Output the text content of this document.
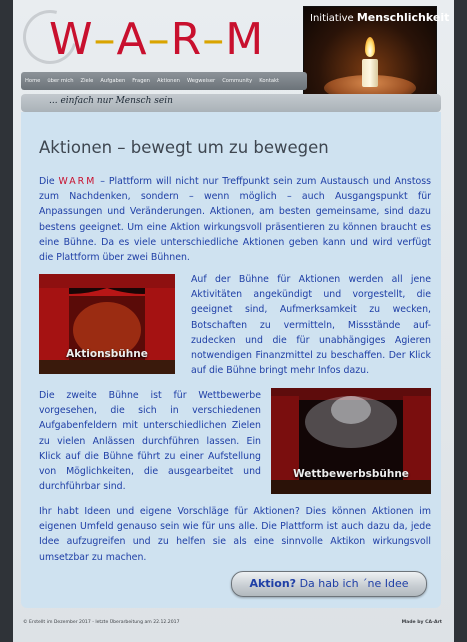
W–A–R–M	Initiative Menschlichkeit
Home über mich Ziele Aufgaben Fragen Aktionen Wegweiser Community Kontakt
... einfach nur Mensch sein
Aktionen – bewegt um zu bewegen

Die WARM – Plattform will nicht nur Treffpunkt sein zum Austausch und Anstoss zum Nachdenken, sondern – wenn möglich – auch Ausgangspunkt für Anpassungen und Veränderungen. Aktionen, am besten gemeinsame, sind dazu bestens geeignet. Um eine Aktion wirkungsvoll präsentieren zu können braucht es eine Bühne. Da es viele unterschiedliche Aktionen geben kann und wird verfügt die Plattform über zwei Bühnen.

Aktionsbühne

Auf der Bühne für Aktionen werden all jene Aktivitäten angekündigt und vorgestellt, die geeignet sind, Aufmerksamkeit zu wecken, Botschaften zu vermitteln, Missstände auf-zudecken und die für unabhängiges Agieren notwendigen Finanzmittel zu beschaffen. Der Klick auf die Bühne bringt mehr Infos dazu.

Die zweite Bühne ist für Wettbewerbe vorgesehen, die sich in verschiedenen Aufgabenfeldern mit unterschiedlichen Zielen zu vielen Anlässen durchführen lassen. Ein Klick auf die Bühne führt zu einer Aufstellung von Möglichkeiten, die ausgearbeitet und durchführbar sind.

Wettbewerbsbühne

Ihr habt Ideen und eigene Vorschläge für Aktionen? Dies können Aktionen im eigenen Umfeld genauso sein wie für uns alle. Die Plattform ist auch dazu da, jede Idee aufzugreifen und zu helfen sie als eine sinnvolle Aktikon wirkungsvoll umsetzbar zu machen.

Aktion? Da hab ich ´ne Idee
© Erstellt im Dezember 2017 - letzte Überarbeitung am 22.12.2017	Made by CA-Art
